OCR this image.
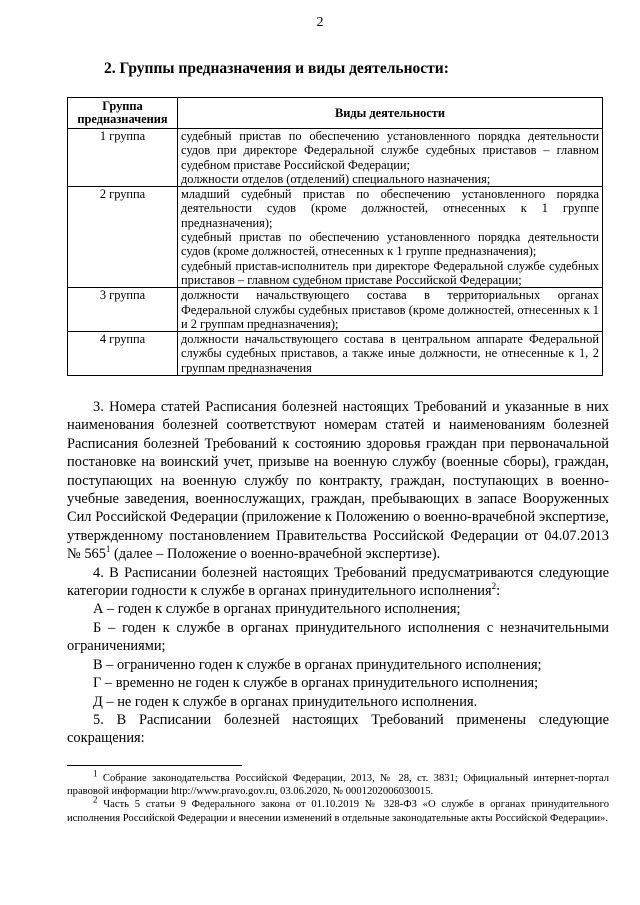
2
2. Группы предназначения и виды деятельности:
Группа предназначения	Виды деятельности
1 группа	судебный пристав по обеспечению установленного порядка деятельности судов при директоре Федеральной службе судебных приставов – главном судебном приставе Российской Федерации;
должности отделов (отделений) специального назначения;

2 группа	младший судебный пристав по обеспечению установленного порядка деятельности судов (кроме должностей, отнесенных к 1 группе предназначения);
судебный пристав по обеспечению установленного порядка деятельности судов (кроме должностей, отнесенных к 1 группе предназначения);
судебный пристав-исполнитель при директоре Федеральной службе судебных приставов – главном судебном приставе Российской Федерации;

3 группа	должности начальствующего состава в территориальных органах Федеральной службы судебных приставов (кроме должностей, отнесенных к 1 и 2 группам предназначения);

4 группа	должности начальствующего состава в центральном аппарате Федеральной службы судебных приставов, а также иные должности, не отнесенные к 1, 2 группам предназначения

3. Номера статей Расписания болезней настоящих Требований и указанные в них наименования болезней соответствуют номерам статей и наименованиям болезней Расписания болезней Требований к состоянию здоровья граждан при первоначальной постановке на воинский учет, призыве на военную службу (военные сборы), граждан, поступающих на военную службу по контракту, граждан, поступающих в военно-учебные заведения, военнослужащих, граждан, пребывающих в запасе Вооруженных Сил Российской Федерации (приложение к Положению о военно-врачебной экспертизе, утвержденному постановлением Правительства Российской Федерации от 04.07.2013 № $565^1$ (далее – Положение о военно-врачебной экспертизе).

4. В Расписании болезней настоящих Требований предусматриваются следующие категории годности к службе в органах принудительного исполнения$^2$:

А – годен к службе в органах принудительного исполнения;

Б – годен к службе в органах принудительного исполнения с незначительными ограничениями;

В – ограниченно годен к службе в органах принудительного исполнения;

Г – временно не годен к службе в органах принудительного исполнения;

Д – не годен к службе в органах принудительного исполнения.

5. В Расписании болезней настоящих Требований применены следующие сокращения:

$^1$ Собрание законодательства Российской Федерации, 2013, № 28, ст. 3831; Официальный интернет-портал правовой информации http://www.pravo.gov.ru, 03.06.2020, № 0001202006030015.

$^2$ Часть 5 статьи 9 Федерального закона от 01.10.2019 № 328-ФЗ «О службе в органах принудительного исполнения Российской Федерации и внесении изменений в отдельные законодательные акты Российской Федерации».
